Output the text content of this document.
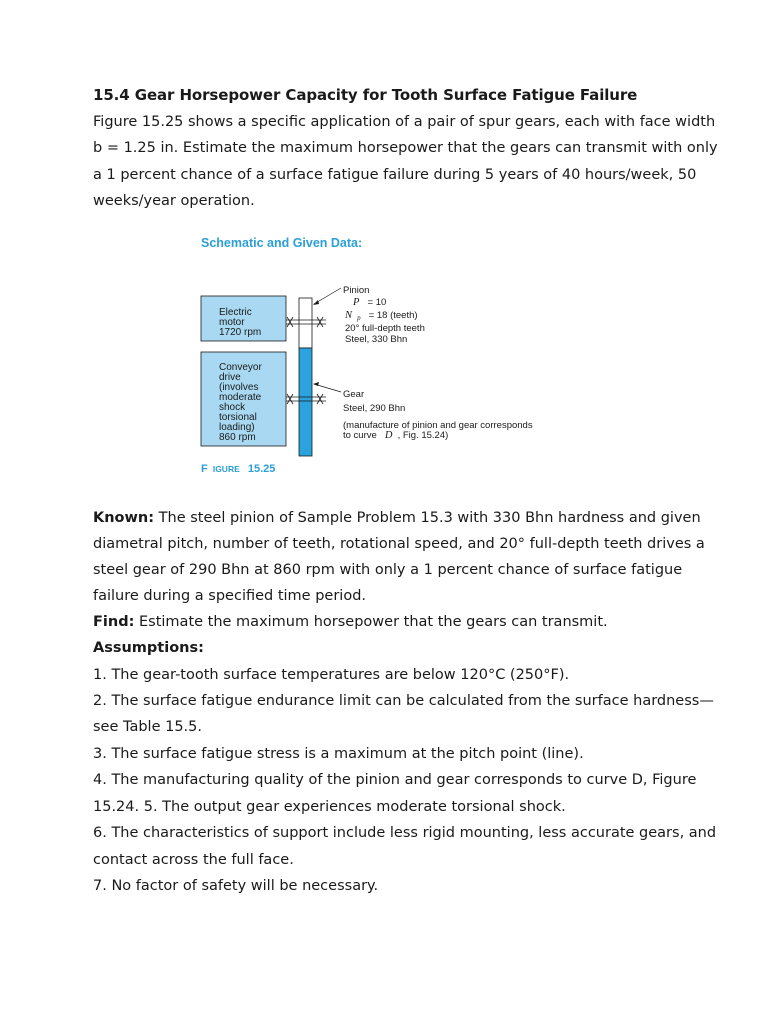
15.4 Gear Horsepower Capacity for Tooth Surface Fatigue Failure
Figure 15.25 shows a specific application of a pair of spur gears, each with face width
b = 1.25 in. Estimate the maximum horsepower that the gears can transmit with only
a 1 percent chance of a surface fatigue failure during 5 years of 40 hours/week, 50
weeks/year operation.
Schematic and Given Data:
Electric
motor
1720 rpm
Conveyor
drive
(involves
moderate
shock
torsional
loading)
860 rpm
Pinion
P = 10
N p = 18 (teeth)
20° full-depth teeth
Steel, 330 Bhn
Gear
Steel, 290 Bhn
(manufacture of pinion and gear corresponds
to curve D , Fig. 15.24)
F IGURE 15.25
Known: The steel pinion of Sample Problem 15.3 with 330 Bhn hardness and given
diametral pitch, number of teeth, rotational speed, and 20° full-depth teeth drives a
steel gear of 290 Bhn at 860 rpm with only a 1 percent chance of surface fatigue
failure during a specified time period.
Find: Estimate the maximum horsepower that the gears can transmit.
Assumptions:
1. The gear-tooth surface temperatures are below 120°C (250°F).
2. The surface fatigue endurance limit can be calculated from the surface hardness—
see Table 15.5.
3. The surface fatigue stress is a maximum at the pitch point (line).
4. The manufacturing quality of the pinion and gear corresponds to curve D, Figure
15.24. 5. The output gear experiences moderate torsional shock.
6. The characteristics of support include less rigid mounting, less accurate gears, and
contact across the full face.
7. No factor of safety will be necessary.
